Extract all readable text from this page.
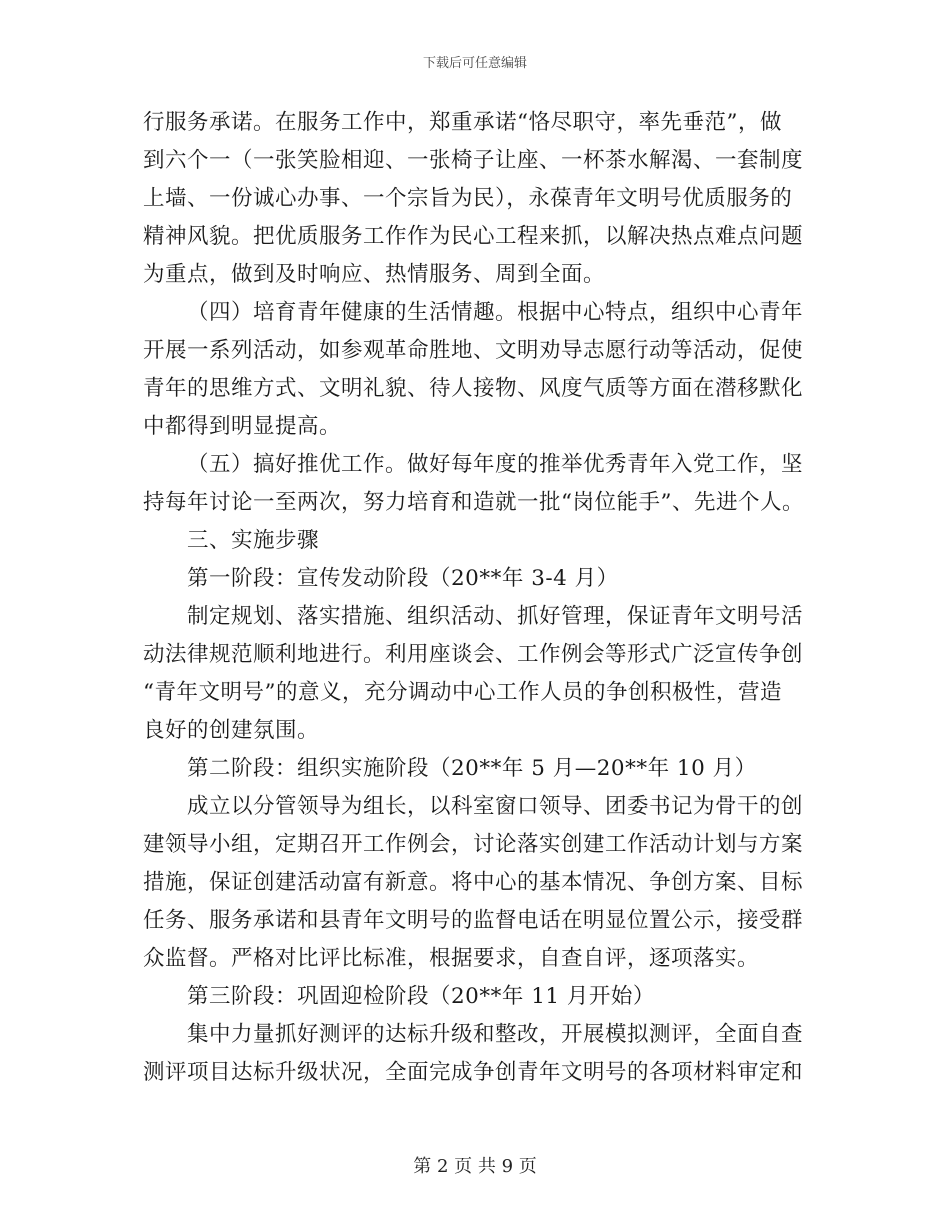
下载后可任意编辑
行服务承诺。在服务工作中，郑重承诺“恪尽职守，率先垂范”，做
到六个一（一张笑脸相迎、一张椅子让座、一杯茶水解渴、一套制度
上墙、一份诚心办事、一个宗旨为民），永葆青年文明号优质服务的
精神风貌。把优质服务工作作为民心工程来抓，以解决热点难点问题
为重点，做到及时响应、热情服务、周到全面。
（四）培育青年健康的生活情趣。根据中心特点，组织中心青年
开展一系列活动，如参观革命胜地、文明劝导志愿行动等活动，促使
青年的思维方式、文明礼貌、待人接物、风度气质等方面在潜移默化
中都得到明显提高。
（五）搞好推优工作。做好每年度的推举优秀青年入党工作，坚
持每年讨论一至两次，努力培育和造就一批“岗位能手”、先进个人。
三、实施步骤
第一阶段：宣传发动阶段（20**年 3-4 月）
制定规划、落实措施、组织活动、抓好管理，保证青年文明号活
动法律规范顺利地进行。利用座谈会、工作例会等形式广泛宣传争创
“青年文明号”的意义，充分调动中心工作人员的争创积极性，营造
良好的创建氛围。
第二阶段：组织实施阶段（20**年 5 月—20**年 10 月）
成立以分管领导为组长，以科室窗口领导、团委书记为骨干的创
建领导小组，定期召开工作例会，讨论落实创建工作活动计划与方案
措施，保证创建活动富有新意。将中心的基本情况、争创方案、目标
任务、服务承诺和县青年文明号的监督电话在明显位置公示，接受群
众监督。严格对比评比标准，根据要求，自查自评，逐项落实。
第三阶段：巩固迎检阶段（20**年 11 月开始）
集中力量抓好测评的达标升级和整改，开展模拟测评，全面自查
测评项目达标升级状况，全面完成争创青年文明号的各项材料审定和
第 2 页 共 9 页
